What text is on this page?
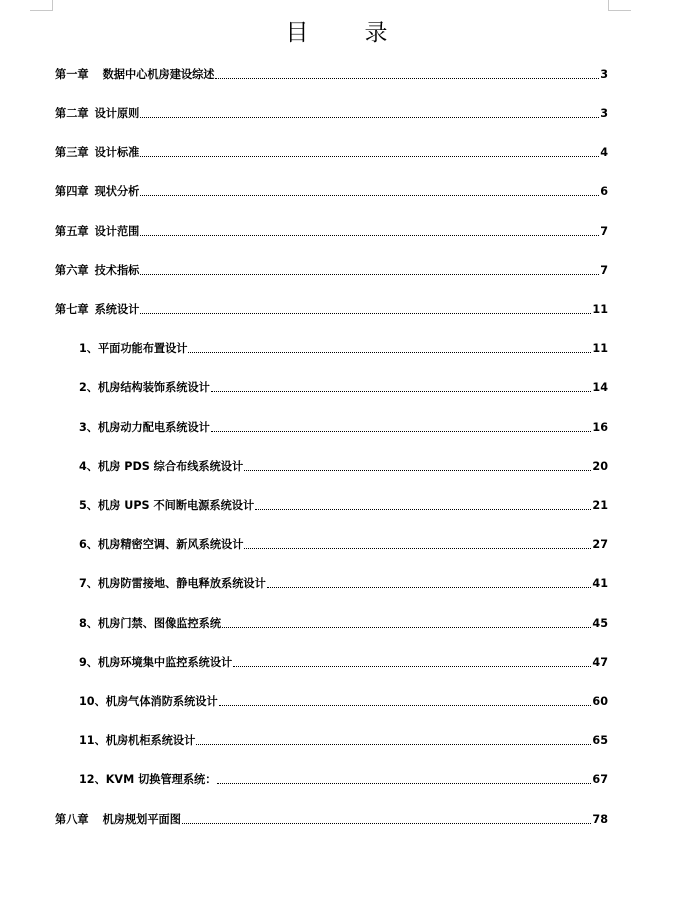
目 录
第一章 数据中心机房建设综述	3
第二章 设计原则	3
第三章 设计标准	4
第四章 现状分析	6
第五章 设计范围	7
第六章 技术指标	7
第七章 系统设计	11
1、平面功能布置设计	11
2、机房结构装饰系统设计	14
3、机房动力配电系统设计	16
4、机房 PDS 综合布线系统设计	20
5、机房 UPS 不间断电源系统设计	21
6、机房精密空调、新风系统设计	27
7、机房防雷接地、静电释放系统设计	41
8、机房门禁、图像监控系统	45
9、机房环境集中监控系统设计	47
10、机房气体消防系统设计	60
11、机房机柜系统设计	65
12、KVM 切换管理系统：	67
第八章 机房规划平面图	78
